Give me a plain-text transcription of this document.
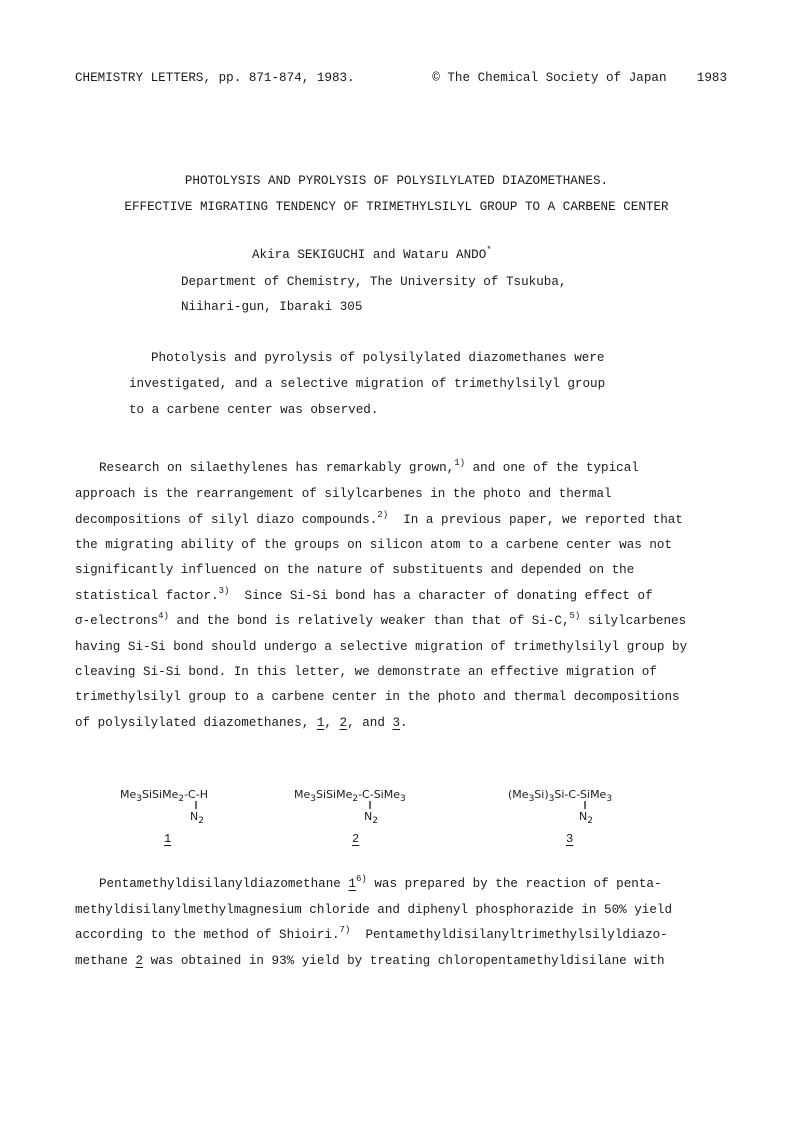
CHEMISTRY LETTERS, pp. 871-874, 1983.	© The Chemical Society of Japan 1983
PHOTOLYSIS AND PYROLYSIS OF POLYSILYLATED DIAZOMETHANES.
EFFECTIVE MIGRATING TENDENCY OF TRIMETHYLSILYL GROUP TO A CARBENE CENTER
Akira SEKIGUCHI and Wataru ANDO*
Department of Chemistry, The University of Tsukuba,
Niihari-gun, Ibaraki 305
Photolysis and pyrolysis of polysilylated diazomethanes were
investigated, and a selective migration of trimethylsilyl group
to a carbene center was observed.
Research on silaethylenes has remarkably grown,$^{1)}$ and one of the typical
approach is the rearrangement of silylcarbenes in the photo and thermal
decompositions of silyl diazo compounds.$^{2)}$  In a previous paper, we reported that
the migrating ability of the groups on silicon atom to a carbene center was not
significantly influenced on the nature of substituents and depended on the
statistical factor.$^{3)}$  Since Si-Si bond has a character of donating effect of
σ-electrons$^{4)}$ and the bond is relatively weaker than that of Si-C,$^{5)}$ silylcarbenes
having Si-Si bond should undergo a selective migration of trimethylsilyl group by
cleaving Si-Si bond. In this letter, we demonstrate an effective migration of
trimethylsilyl group to a carbene center in the photo and thermal decompositions
of polysilylated diazomethanes, 1, 2, and 3.
$Me_3SiSiMe_2-C-H$
‖
$N_2$
1
$Me_3SiSiMe_2-C-SiMe_3$
‖
$N_2$
2
$(Me_3Si)_3Si-C-SiMe_3$
‖
$N_2$
3
Pentamethyldisilanyldiazomethane 1$^{6)}$ was prepared by the reaction of penta-
methyldisilanylmethylmagnesium chloride and diphenyl phosphorazide in 50% yield
according to the method of Shioiri.$^{7)}$  Pentamethyldisilanyltrimethylsilyldiazo-
methane 2 was obtained in 93% yield by treating chloropentamethyldisilane with
